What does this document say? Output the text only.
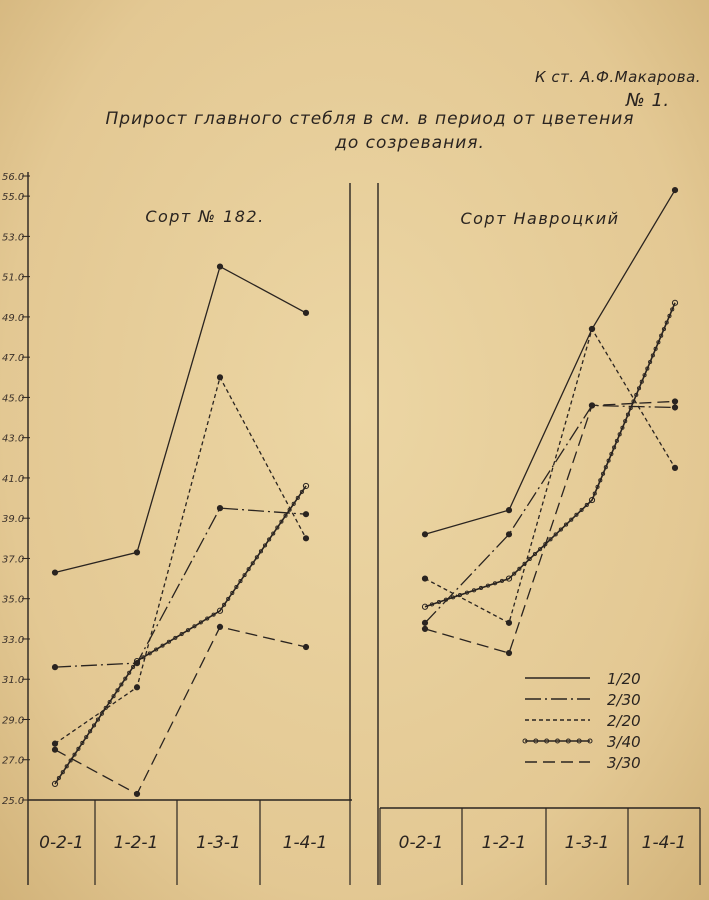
К ст. А.Ф.Макарова.
№ 1.
Прирост главного стебля в см. в период от цветения
до созревания.
25.0
27.0
29.0
31.0
33.0
35.0
37.0
39.0
41.0
43.0
45.0
47.0
49.0
51.0
53.0
55.0
56.0
Сорт № 182.
0-2-1 1-2-1 1-3-1 1-4-1
Сорт Навроцкий
0-2-1 1-2-1 1-3-1 1-4-1
1/20
2/30
2/20
3/40
3/30
